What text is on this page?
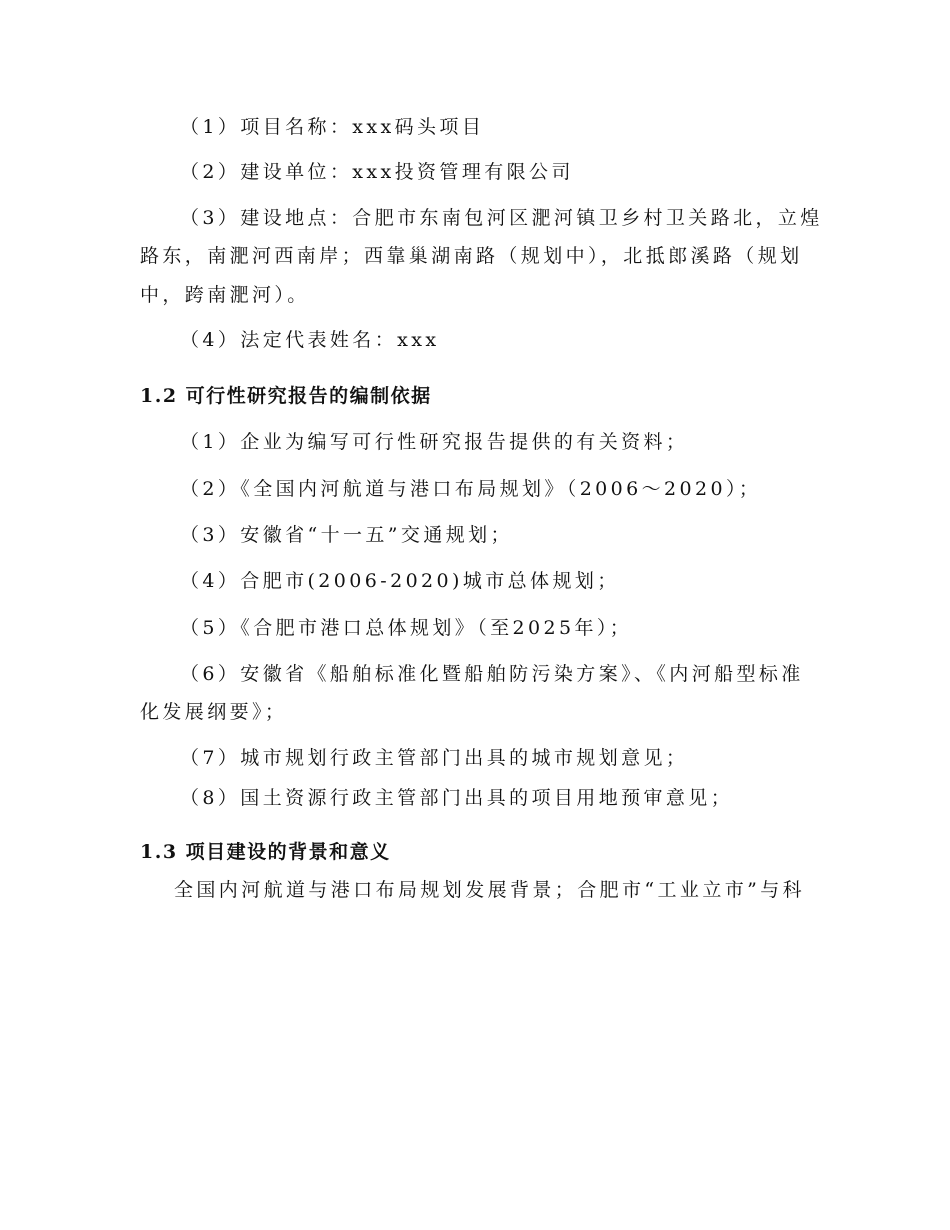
（1）项目名称：xxx码头项目
（2）建设单位：xxx投资管理有限公司
（3）建设地点：合肥市东南包河区淝河镇卫乡村卫关路北，立煌
路东，南淝河西南岸；西靠巢湖南路（规划中），北抵郎溪路（规划
中，跨南淝河）。
（4）法定代表姓名：xxx
1.2 可行性研究报告的编制依据
（1）企业为编写可行性研究报告提供的有关资料；
（2）《全国内河航道与港口布局规划》（2006～2020）；
（3）安徽省“十一五”交通规划；
（4）合肥市(2006-2020)城市总体规划；
（5）《合肥市港口总体规划》（至2025年）；
（6）安徽省《船舶标准化暨船舶防污染方案》、《内河船型标准
化发展纲要》；
（7）城市规划行政主管部门出具的城市规划意见；
（8）国土资源行政主管部门出具的项目用地预审意见；
1.3 项目建设的背景和意义
全国内河航道与港口布局规划发展背景；合肥市“工业立市”与科
